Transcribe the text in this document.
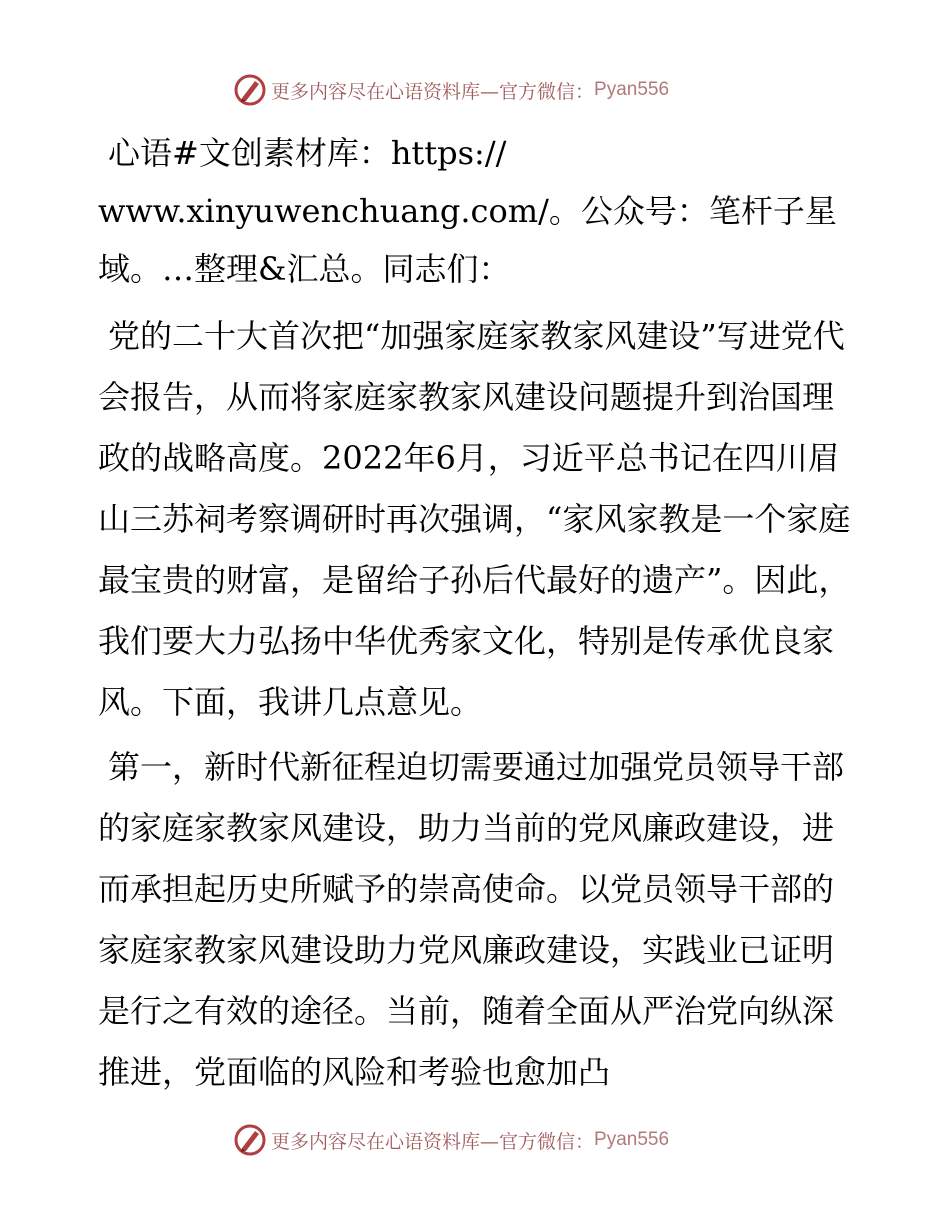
更多内容尽在心语资料库—官方微信： Pyan556

心语#文创素材库：https://
www.xinyuwenchuang.com/。公众号：笔杆子星
域。…整理&汇总。同志们：

党的二十大首次把“加强家庭家教家风建设”写进党代会报告，从而将家庭家教家风建设问题提升到治国理政的战略高度。2022年6月，习近平总书记在四川眉山三苏祠考察调研时再次强调，“家风家教是一个家庭最宝贵的财富，是留给子孙后代最好的遗产”。因此，我们要大力弘扬中华优秀家文化，特别是传承优良家风。下面，我讲几点意见。

第一，新时代新征程迫切需要通过加强党员领导干部的家庭家教家风建设，助力当前的党风廉政建设，进而承担起历史所赋予的崇高使命。以党员领导干部的家庭家教家风建设助力党风廉政建设，实践业已证明是行之有效的途径。当前，随着全面从严治党向纵深推进，党面临的风险和考验也愈加凸

更多内容尽在心语资料库—官方微信： Pyan556
